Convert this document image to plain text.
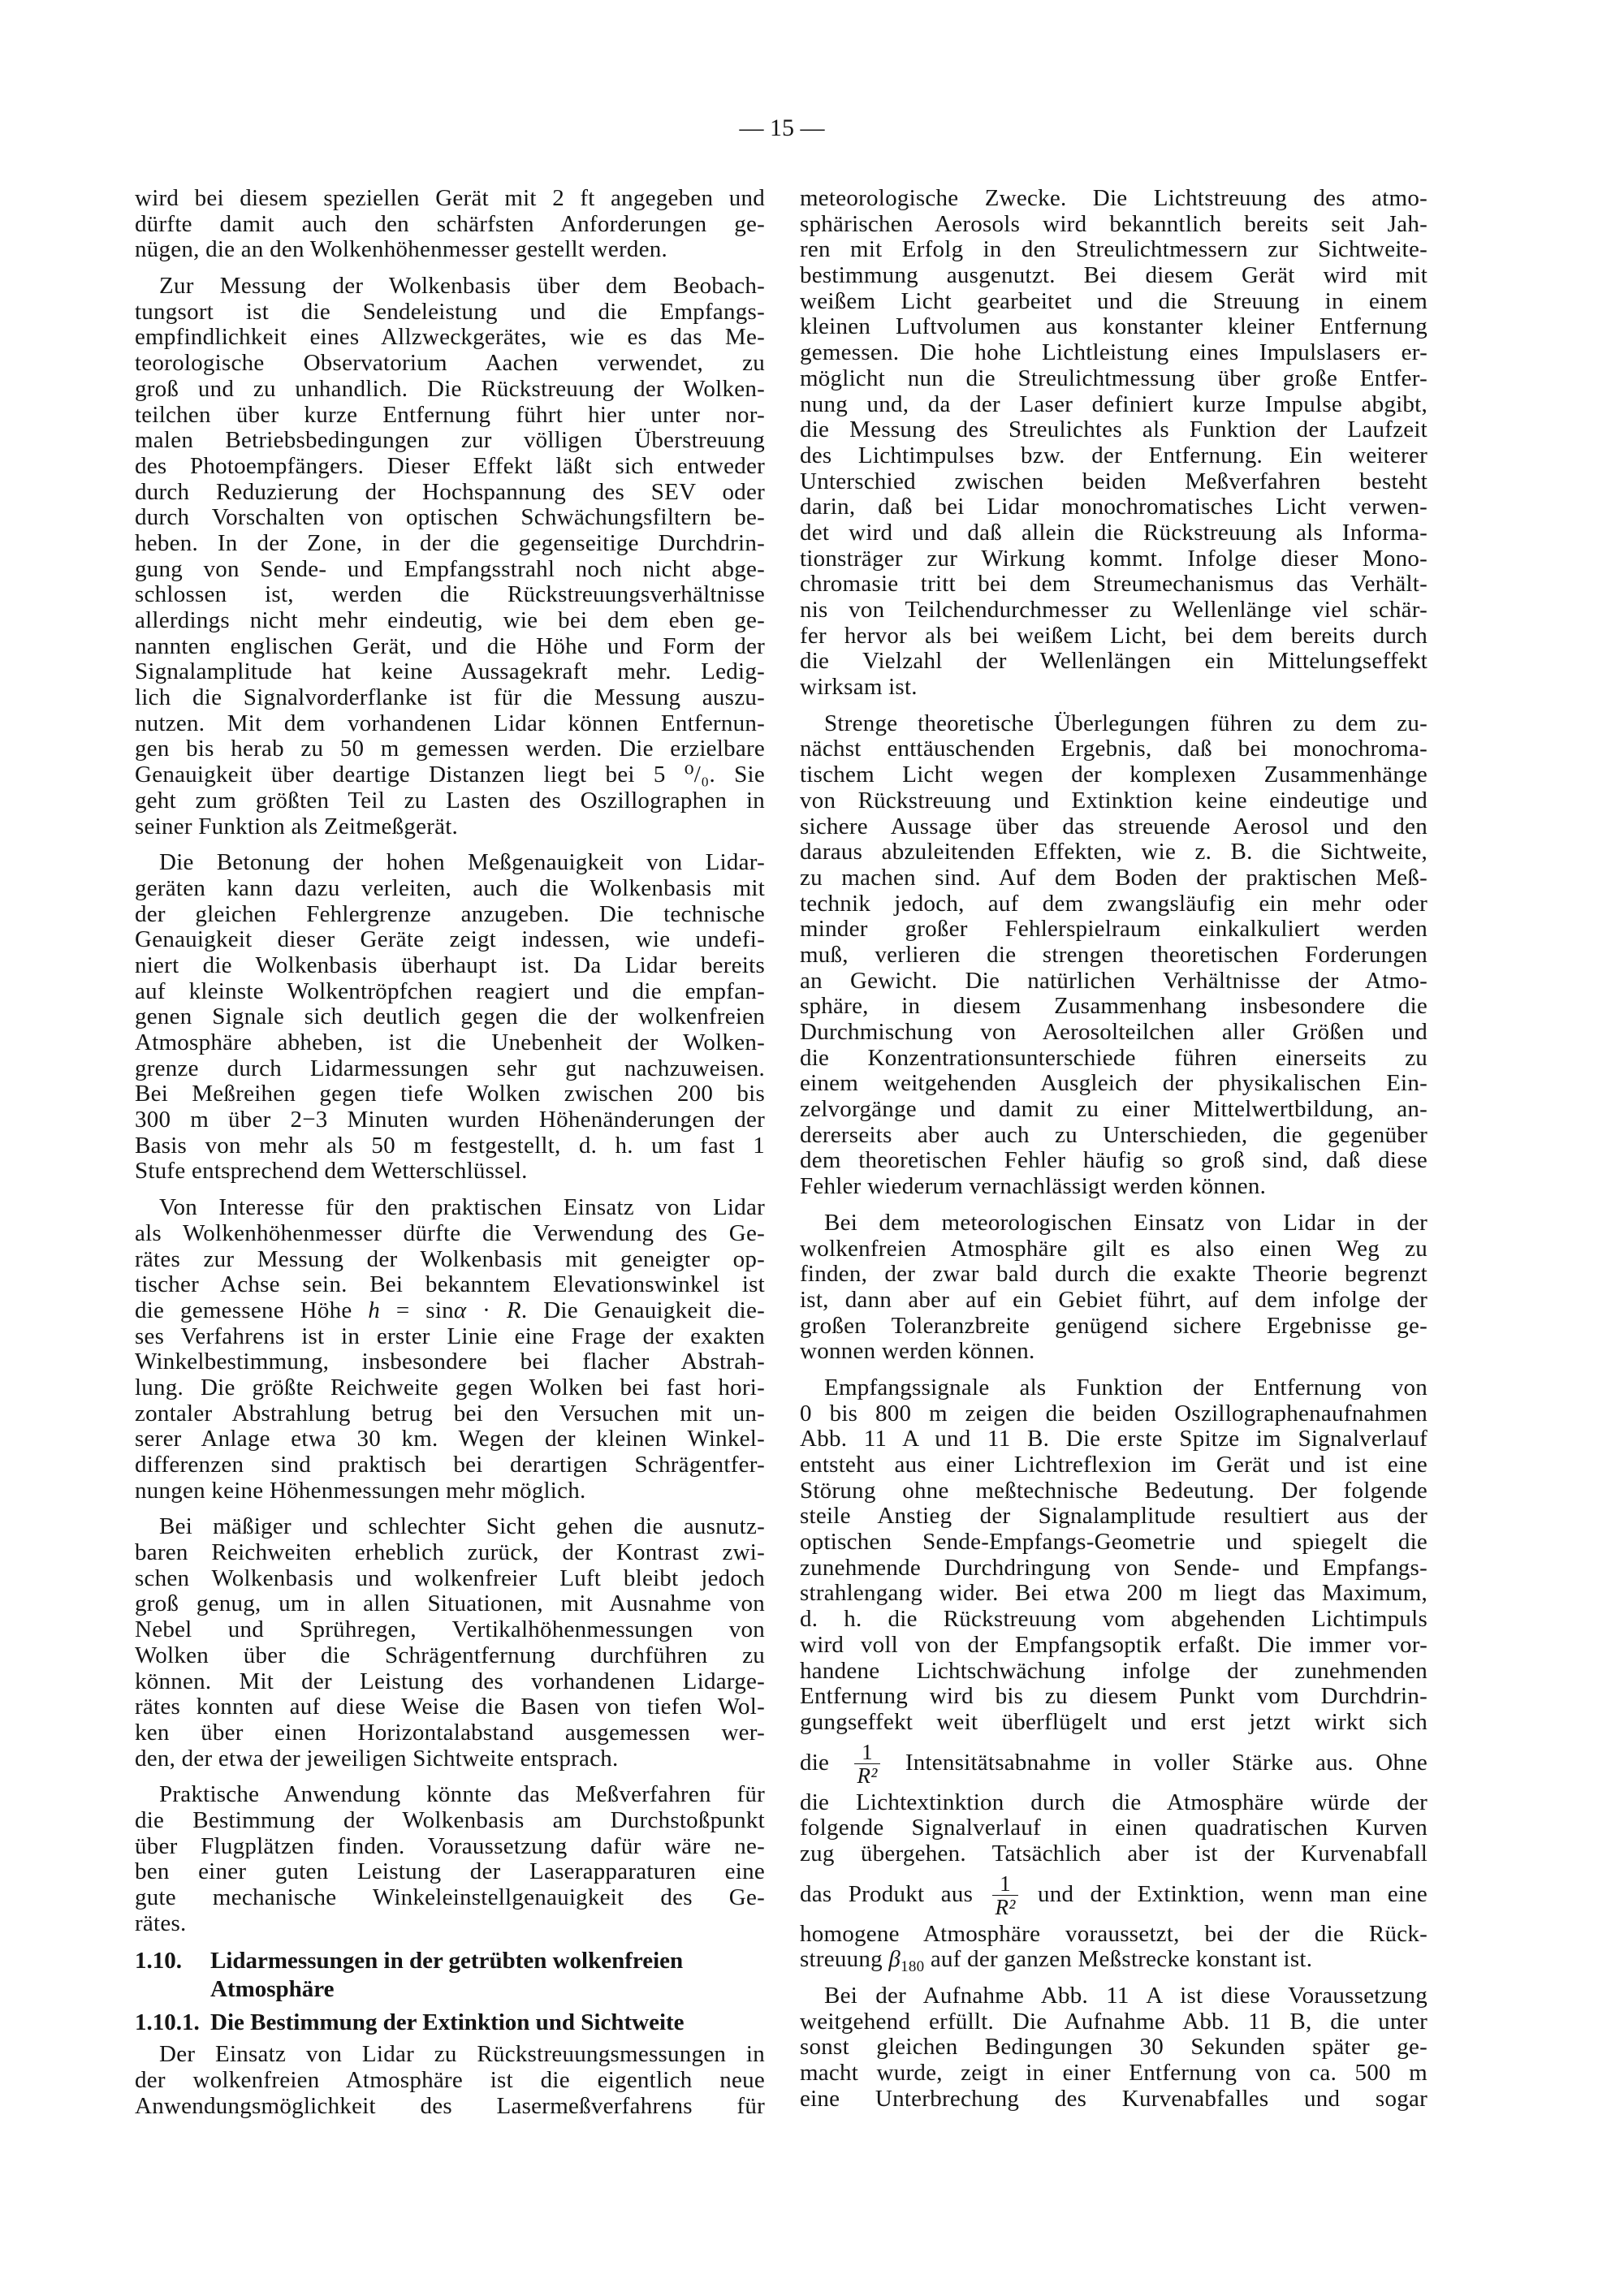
— 15 —
wird bei diesem speziellen Gerät mit 2 ft angegeben und
dürfte damit auch den schärfsten Anforderungen ge-
nügen, die an den Wolkenhöhenmesser gestellt werden.
Zur Messung der Wolkenbasis über dem Beobach-
tungsort ist die Sendeleistung und die Empfangs-
empfindlichkeit eines Allzweckgerätes, wie es das Me-
teorologische Observatorium Aachen verwendet, zu
groß und zu unhandlich. Die Rückstreuung der Wolken-
teilchen über kurze Entfernung führt hier unter nor-
malen Betriebsbedingungen zur völligen Überstreuung
des Photoempfängers. Dieser Effekt läßt sich entweder
durch Reduzierung der Hochspannung des SEV oder
durch Vorschalten von optischen Schwächungsfiltern be-
heben. In der Zone, in der die gegenseitige Durchdrin-
gung von Sende- und Empfangsstrahl noch nicht abge-
schlossen ist, werden die Rückstreuungsverhältnisse
allerdings nicht mehr eindeutig, wie bei dem eben ge-
nannten englischen Gerät, und die Höhe und Form der
Signalamplitude hat keine Aussagekraft mehr. Ledig-
lich die Signalvorderflanke ist für die Messung auszu-
nutzen. Mit dem vorhandenen Lidar können Entfernun-
gen bis herab zu 50 m gemessen werden. Die erzielbare
Genauigkeit über deartige Distanzen liegt bei 5 ⁰/₀. Sie
geht zum größten Teil zu Lasten des Oszillographen in
seiner Funktion als Zeitmeßgerät.
Die Betonung der hohen Meßgenauigkeit von Lidar-
geräten kann dazu verleiten, auch die Wolkenbasis mit
der gleichen Fehlergrenze anzugeben. Die technische
Genauigkeit dieser Geräte zeigt indessen, wie undefi-
niert die Wolkenbasis überhaupt ist. Da Lidar bereits
auf kleinste Wolkentröpfchen reagiert und die empfan-
genen Signale sich deutlich gegen die der wolkenfreien
Atmosphäre abheben, ist die Unebenheit der Wolken-
grenze durch Lidarmessungen sehr gut nachzuweisen.
Bei Meßreihen gegen tiefe Wolken zwischen 200 bis
300 m über 2−3 Minuten wurden Höhenänderungen der
Basis von mehr als 50 m festgestellt, d. h. um fast 1
Stufe entsprechend dem Wetterschlüssel.
Von Interesse für den praktischen Einsatz von Lidar
als Wolkenhöhenmesser dürfte die Verwendung des Ge-
rätes zur Messung der Wolkenbasis mit geneigter op-
tischer Achse sein. Bei bekanntem Elevationswinkel ist
die gemessene Höhe h = sinα · R. Die Genauigkeit die-
ses Verfahrens ist in erster Linie eine Frage der exakten
Winkelbestimmung, insbesondere bei flacher Abstrah-
lung. Die größte Reichweite gegen Wolken bei fast hori-
zontaler Abstrahlung betrug bei den Versuchen mit un-
serer Anlage etwa 30 km. Wegen der kleinen Winkel-
differenzen sind praktisch bei derartigen Schrägentfer-
nungen keine Höhenmessungen mehr möglich.
Bei mäßiger und schlechter Sicht gehen die ausnutz-
baren Reichweiten erheblich zurück, der Kontrast zwi-
schen Wolkenbasis und wolkenfreier Luft bleibt jedoch
groß genug, um in allen Situationen, mit Ausnahme von
Nebel und Sprühregen, Vertikalhöhenmessungen von
Wolken über die Schrägentfernung durchführen zu
können. Mit der Leistung des vorhandenen Lidarge-
rätes konnten auf diese Weise die Basen von tiefen Wol-
ken über einen Horizontalabstand ausgemessen wer-
den, der etwa der jeweiligen Sichtweite entsprach.
Praktische Anwendung könnte das Meßverfahren für
die Bestimmung der Wolkenbasis am Durchstoßpunkt
über Flugplätzen finden. Voraussetzung dafür wäre ne-
ben einer guten Leistung der Laserapparaturen eine
gute mechanische Winkeleinstellgenauigkeit des Ge-
rätes.
1.10.	Lidarmessungen in der getrübten wolkenfreien
Atmosphäre
1.10.1. Die Bestimmung der Extinktion und Sichtweite
Der Einsatz von Lidar zu Rückstreuungsmessungen in
der wolkenfreien Atmosphäre ist die eigentlich neue
Anwendungsmöglichkeit des Lasermeßverfahrens für
meteorologische Zwecke. Die Lichtstreuung des atmo-
sphärischen Aerosols wird bekanntlich bereits seit Jah-
ren mit Erfolg in den Streulichtmessern zur Sichtweite-
bestimmung ausgenutzt. Bei diesem Gerät wird mit
weißem Licht gearbeitet und die Streuung in einem
kleinen Luftvolumen aus konstanter kleiner Entfernung
gemessen. Die hohe Lichtleistung eines Impulslasers er-
möglicht nun die Streulichtmessung über große Entfer-
nung und, da der Laser definiert kurze Impulse abgibt,
die Messung des Streulichtes als Funktion der Laufzeit
des Lichtimpulses bzw. der Entfernung. Ein weiterer
Unterschied zwischen beiden Meßverfahren besteht
darin, daß bei Lidar monochromatisches Licht verwen-
det wird und daß allein die Rückstreuung als Informa-
tionsträger zur Wirkung kommt. Infolge dieser Mono-
chromasie tritt bei dem Streumechanismus das Verhält-
nis von Teilchendurchmesser zu Wellenlänge viel schär-
fer hervor als bei weißem Licht, bei dem bereits durch
die Vielzahl der Wellenlängen ein Mittelungseffekt
wirksam ist.
Strenge theoretische Überlegungen führen zu dem zu-
nächst enttäuschenden Ergebnis, daß bei monochroma-
tischem Licht wegen der komplexen Zusammenhänge
von Rückstreuung und Extinktion keine eindeutige und
sichere Aussage über das streuende Aerosol und den
daraus abzuleitenden Effekten, wie z. B. die Sichtweite,
zu machen sind. Auf dem Boden der praktischen Meß-
technik jedoch, auf dem zwangsläufig ein mehr oder
minder großer Fehlerspielraum einkalkuliert werden
muß, verlieren die strengen theoretischen Forderungen
an Gewicht. Die natürlichen Verhältnisse der Atmo-
sphäre, in diesem Zusammenhang insbesondere die
Durchmischung von Aerosolteilchen aller Größen und
die Konzentrationsunterschiede führen einerseits zu
einem weitgehenden Ausgleich der physikalischen Ein-
zelvorgänge und damit zu einer Mittelwertbildung, an-
dererseits aber auch zu Unterschieden, die gegenüber
dem theoretischen Fehler häufig so groß sind, daß diese
Fehler wiederum vernachlässigt werden können.
Bei dem meteorologischen Einsatz von Lidar in der
wolkenfreien Atmosphäre gilt es also einen Weg zu
finden, der zwar bald durch die exakte Theorie begrenzt
ist, dann aber auf ein Gebiet führt, auf dem infolge der
großen Toleranzbreite genügend sichere Ergebnisse ge-
wonnen werden können.
Empfangssignale als Funktion der Entfernung von
0 bis 800 m zeigen die beiden Oszillographenaufnahmen
Abb. 11 A und 11 B. Die erste Spitze im Signalverlauf
entsteht aus einer Lichtreflexion im Gerät und ist eine
Störung ohne meßtechnische Bedeutung. Der folgende
steile Anstieg der Signalamplitude resultiert aus der
optischen Sende-Empfangs-Geometrie und spiegelt die
zunehmende Durchdringung von Sende- und Empfangs-
strahlengang wider. Bei etwa 200 m liegt das Maximum,
d. h. die Rückstreuung vom abgehenden Lichtimpuls
wird voll von der Empfangsoptik erfaßt. Die immer vor-
handene Lichtschwächung infolge der zunehmenden
Entfernung wird bis zu diesem Punkt vom Durchdrin-
gungseffekt weit überflügelt und erst jetzt wirkt sich
die $\frac{1}{\text{R²}}$ Intensitätsabnahme in voller Stärke aus. Ohne
die Lichtextinktion durch die Atmosphäre würde der
folgende Signalverlauf in einen quadratischen Kurven
zug übergehen. Tatsächlich aber ist der Kurvenabfall
das Produkt aus $\frac{1}{\text{R²}}$ und der Extinktion, wenn man eine
homogene Atmosphäre voraussetzt, bei der die Rück-
streuung $\beta_{180}$ auf der ganzen Meßstrecke konstant ist.
Bei der Aufnahme Abb. 11 A ist diese Voraussetzung
weitgehend erfüllt. Die Aufnahme Abb. 11 B, die unter
sonst gleichen Bedingungen 30 Sekunden später ge-
macht wurde, zeigt in einer Entfernung von ca. 500 m
eine Unterbrechung des Kurvenabfalles und sogar
